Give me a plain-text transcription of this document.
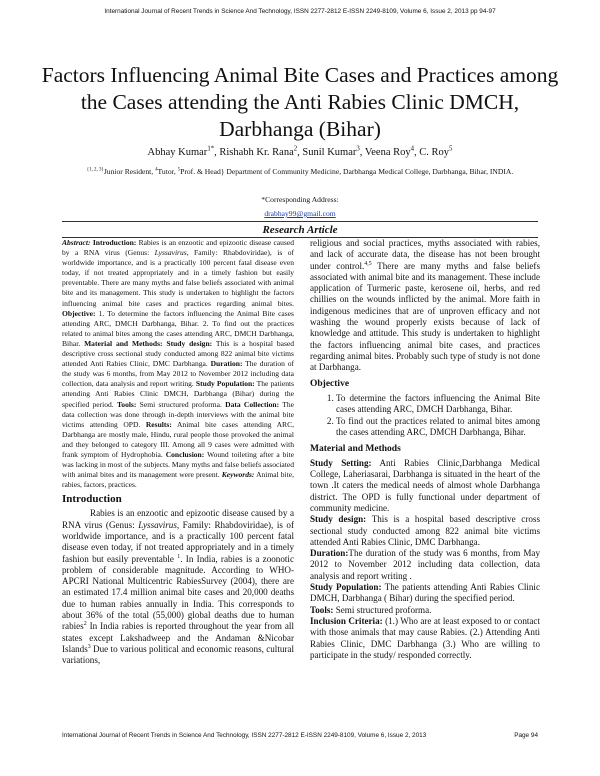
International Journal of Recent Trends in Science And Technology, ISSN 2277-2812 E-ISSN 2249-8109, Volume 6, Issue 2, 2013 pp 94-97
Factors Influencing Animal Bite Cases and Practices among the Cases attending the Anti Rabies Clinic DMCH, Darbhanga (Bihar)
Abhay Kumar$^{1*}$, Rishabh Kr. Rana$^2$, Sunil Kumar$^3$, Veena Roy$^4$, C. Roy$^5$
$^{\{1, 2, 3\}}$Junior Resident, $^4$Tutor, $^5$Prof. & Head} Department of Community Medicine, Darbhanga Medical College, Darbhanga, Bihar, INDIA.
*Corresponding Address:
drabhay99@gmail.com
Research Article

Abstract: Introduction: Rabies is an enzootic and epizootic disease caused by a RNA virus (Genus: Lyssavirus, Family: Rhabdoviridae), is of worldwide importance, and is a practically 100 percent fatal disease even today, if not treated appropriately and in a timely fashion but easily preventable. There are many myths and false beliefs associated with animal bite and its management. This study is undertaken to highlight the factors influencing animal bite cases and practices regarding animal bites. Objective: 1. To determine the factors influencing the Animal Bite cases attending ARC, DMCH Darbhanga, Bihar. 2. To find out the practices related to animal bites among the cases attending ARC, DMCH Darbhanga, Bihar. Material and Methods: Study design: This is a hospital based descriptive cross sectional study conducted among 822 animal bite victims attended Anti Rabies Clinic, DMC Darbhanga. Duration: The duration of the study was 6 months, from May 2012 to November 2012 including data collection, data analysis and report writing. Study Population: The patients attending Anti Rabies Clinic DMCH, Darbhanga (Bihar) during the specified period. Tools: Semi structured proforma. Data Collection: The data collection was done through in-depth interviews with the animal bite victims attending OPD. Results: Animal bite cases attending ARC, Darbhanga are mostly male, Hindu, rural people those provoked the animal and they belonged to category III. Among all 9 cases were admitted with frank symptom of Hydrophobia. Conclusion: Wound toileting after a bite was lacking in most of the subjects. Many myths and false beliefs associated with animal bites and its management were present. Keywords: Animal bite, rabies, factors, practices.

Introduction

Rabies is an enzootic and epizootic disease caused by a RNA virus (Genus: Lyssavirus, Family: Rhabdoviridae), is of worldwide importance, and is a practically 100 percent fatal disease even today, if not treated appropriately and in a timely fashion but easily preventable $^1$. In India, rabies is a zoonotic problem of considerable magnitude. According to WHO-APCRI National Multicentric RabiesSurvey (2004), there are an estimated 17.4 million animal bite cases and 20,000 deaths due to human rabies annually in India. This corresponds to about 36% of the total (55,000) global deaths due to human rabies$^2$ In India rabies is reported throughout the year from all states except Lakshadweep and the Andaman &Nicobar Islands$^3$ Due to various political and economic reasons, cultural variations,

religious and social practices, myths associated with rabies, and lack of accurate data, the disease has not been brought under control.$^{4,5}$ There are many myths and false beliefs associated with animal bite and its management. These include application of Turmeric paste, kerosene oil, herbs, and red chillies on the wounds inflicted by the animal. More faith in indigenous medicines that are of unproven efficacy and not washing the wound properly exists because of lack of knowledge and attitude. This study is undertaken to highlight the factors influencing animal bite cases, and practices regarding animal bites. Probably such type of study is not done at Darbhanga.

Objective
1. To determine the factors influencing the Animal Bite cases attending ARC, DMCH Darbhanga, Bihar.
2. To find out the practices related to animal bites among the cases attending ARC, DMCH Darbhanga, Bihar.
Material and Methods

Study Setting: Anti Rabies Clinic,Darbhanga Medical College, Laheriasarai, Darbhanga is situated in the heart of the town .It caters the medical needs of almost whole Darbhanga district. The OPD is fully functional under department of community medicine.

Study design: This is a hospital based descriptive cross sectional study conducted among 822 animal bite victims attended Anti Rabies Clinic, DMC Darbhanga.

Duration:The duration of the study was 6 months, from May 2012 to November 2012 including data collection, data analysis and report writing .

Study Population: The patients attending Anti Rabies Clinic DMCH, Darbhanga ( Bihar) during the specified period.

Tools: Semi structured proforma.

Inclusion Criteria: (1.) Who are at least exposed to or contact with those animals that may cause Rabies. (2.) Attending Anti Rabies Clinic, DMC Darbhanga (3.) Who are willing to participate in the study/ responded correctly.

International Journal of Recent Trends in Science And Technology, ISSN 2277-2812 E-ISSN 2249-8109, Volume 6, Issue 2, 2013	Page 94
